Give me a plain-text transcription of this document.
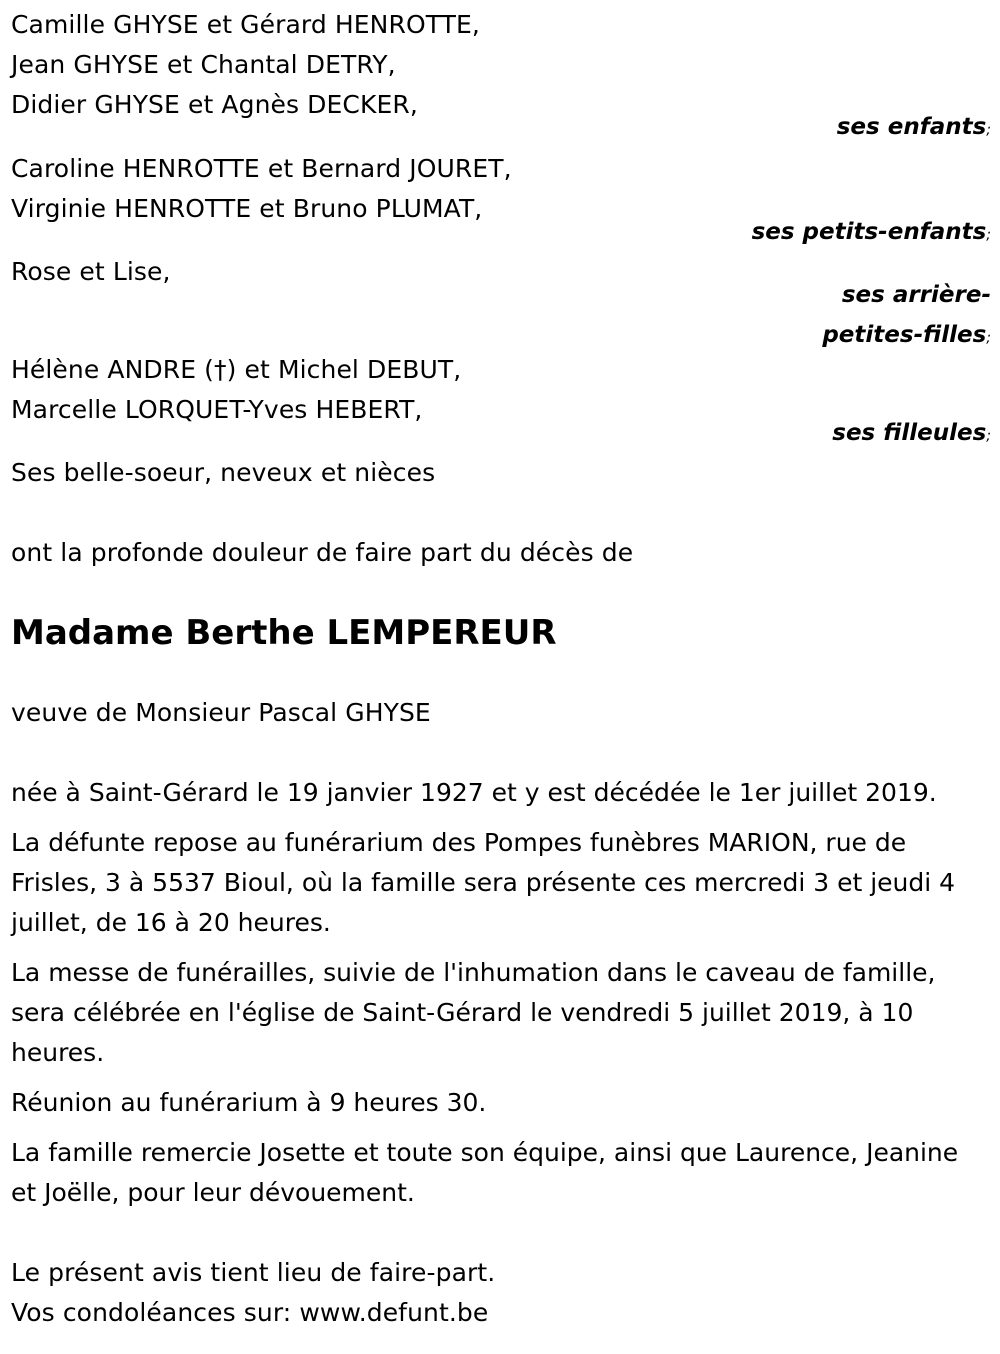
Camille GHYSE et Gérard HENROTTE,
Jean GHYSE et Chantal DETRY,
Didier GHYSE et Agnès DECKER,
ses enfants;
Caroline HENROTTE et Bernard JOURET,
Virginie HENROTTE et Bruno PLUMAT,
ses petits-enfants;
Rose et Lise,
ses arrière-
petites-filles;
Hélène ANDRE (†) et Michel DEBUT,
Marcelle LORQUET-Yves HEBERT,
ses filleules;
Ses belle-soeur, neveux et nièces
ont la profonde douleur de faire part du décès de
Madame Berthe LEMPEREUR
veuve de Monsieur Pascal GHYSE

née à Saint-Gérard le 19 janvier 1927 et y est décédée le 1er juillet 2019.

La défunte repose au funérarium des Pompes funèbres MARION, rue de Frisles, 3 à 5537 Bioul, où la famille sera présente ces mercredi 3 et jeudi 4 juillet, de 16 à 20 heures.

La messe de funérailles, suivie de l'inhumation dans le caveau de famille, sera célébrée en l'église de Saint-Gérard le vendredi 5 juillet 2019, à 10 heures.

Réunion au funérarium à 9 heures 30.

La famille remercie Josette et toute son équipe, ainsi que Laurence, Jeanine et Joëlle, pour leur dévouement.

Le présent avis tient lieu de faire-part.
Vos condoléances sur: www.defunt.be
